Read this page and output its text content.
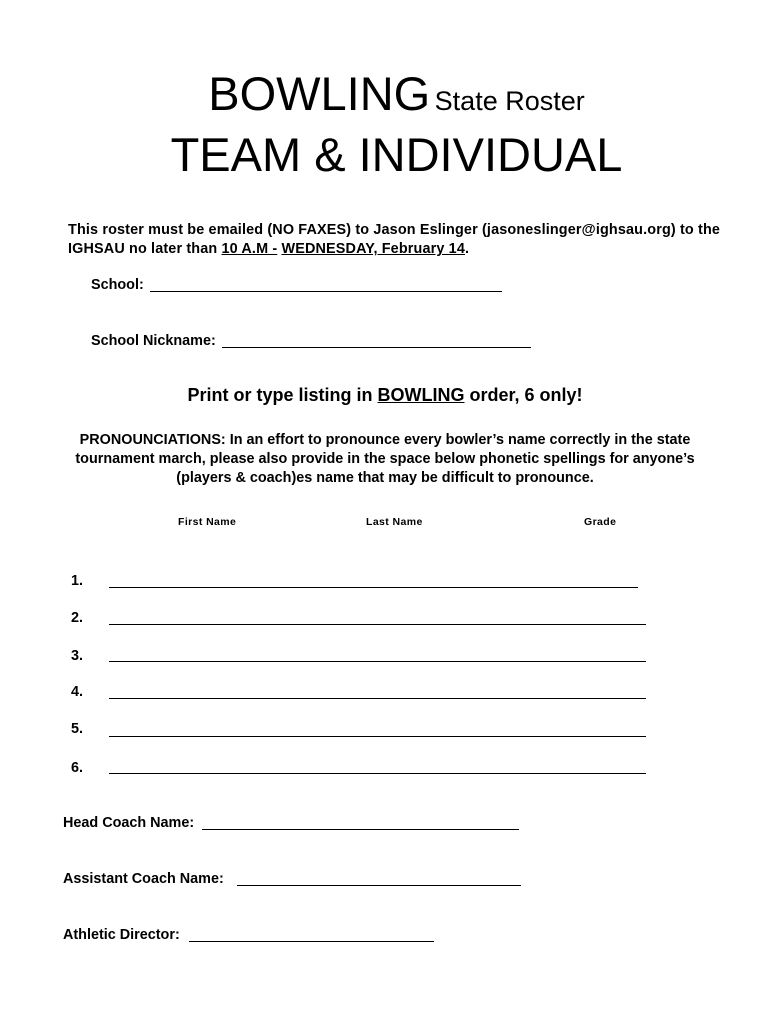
BOWLING State Roster
TEAM & INDIVIDUAL
This roster must be emailed (NO FAXES) to Jason Eslinger (jasoneslinger@ighsau.org) to the IGHSAU no later than 10 A.M - WEDNESDAY, February 14.
School:
School Nickname:
Print or type listing in BOWLING order, 6 only!
PRONOUNCIATIONS: In an effort to pronounce every bowler’s name correctly in the state tournament march, please also provide in the space below phonetic spellings for anyone’s (players & coach)es name that may be difficult to pronounce.
First Name	Last Name	Grade
1.
2.
3.
4.
5.
6.
Head Coach Name:
Assistant Coach Name:
Athletic Director:
